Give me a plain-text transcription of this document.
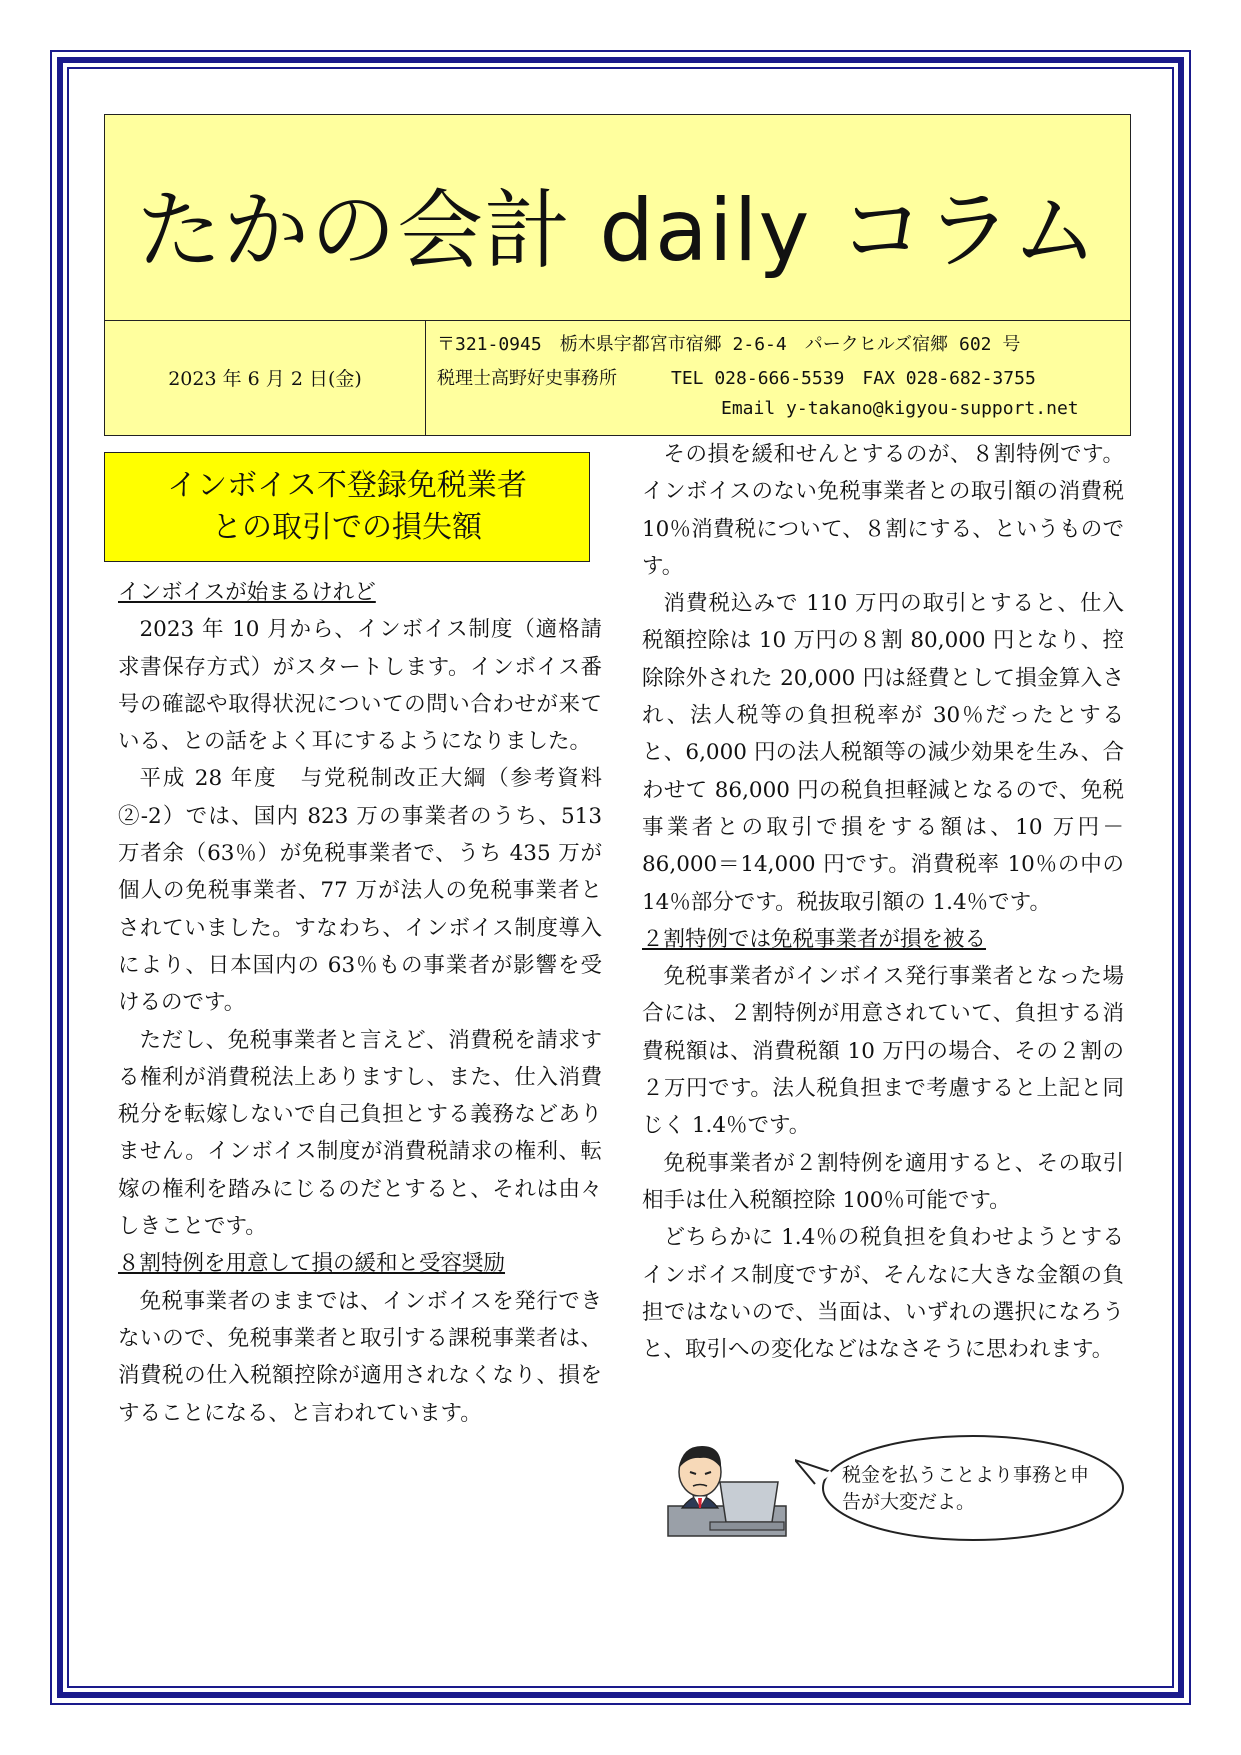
たかの会計 daily コラム
2023 年 6 月 2 日(金)
〒321-0945　栃木県宇都宮市宿郷 2-6-4　パークヒルズ宿郷 602 号
税理士高野好史事務所　　　TEL 028-666-5539　FAX 028-682-3755
Email y-takano@kigyou-support.net
インボイス不登録免税業者
との取引での損失額
インボイスが始まるけれど

2023 年 10 月から、インボイス制度（適格請求書保存方式）がスタートします。インボイス番号の確認や取得状況についての問い合わせが来ている、との話をよく耳にするようになりました。

平成 28 年度　与党税制改正大綱（参考資料②-2）では、国内 823 万の事業者のうち、513 万者余（63％）が免税事業者で、うち 435 万が個人の免税事業者、77 万が法人の免税事業者とされていました。すなわち、インボイス制度導入により、日本国内の 63％もの事業者が影響を受けるのです。

ただし、免税事業者と言えど、消費税を請求する権利が消費税法上ありますし、また、仕入消費税分を転嫁しないで自己負担とする義務などありません。インボイス制度が消費税請求の権利、転嫁の権利を踏みにじるのだとすると、それは由々しきことです。

８割特例を用意して損の緩和と受容奨励

免税事業者のままでは、インボイスを発行できないので、免税事業者と取引する課税事業者は、消費税の仕入税額控除が適用されなくなり、損をすることになる、と言われています。

その損を緩和せんとするのが、８割特例です。インボイスのない免税事業者との取引額の消費税 10％消費税について、８割にする、というものです。

消費税込みで 110 万円の取引とすると、仕入税額控除は 10 万円の８割 80,000 円となり、控除除外された 20,000 円は経費として損金算入され、法人税等の負担税率が 30％だったとすると、6,000 円の法人税額等の減少効果を生み、合わせて 86,000 円の税負担軽減となるので、免税事業者との取引で損をする額は、10 万円－86,000＝14,000 円です。消費税率 10％の中の 14％部分です。税抜取引額の 1.4％です。

２割特例では免税事業者が損を被る

免税事業者がインボイス発行事業者となった場合には、２割特例が用意されていて、負担する消費税額は、消費税額 10 万円の場合、その２割の２万円です。法人税負担まで考慮すると上記と同じく 1.4％です。

免税事業者が２割特例を適用すると、その取引相手は仕入税額控除 100％可能です。

どちらかに 1.4％の税負担を負わせようとするインボイス制度ですが、そんなに大きな金額の負担ではないので、当面は、いずれの選択になろうと、取引への変化などはなさそうに思われます。

税金を払うことより事務と申告が大変だよ。
